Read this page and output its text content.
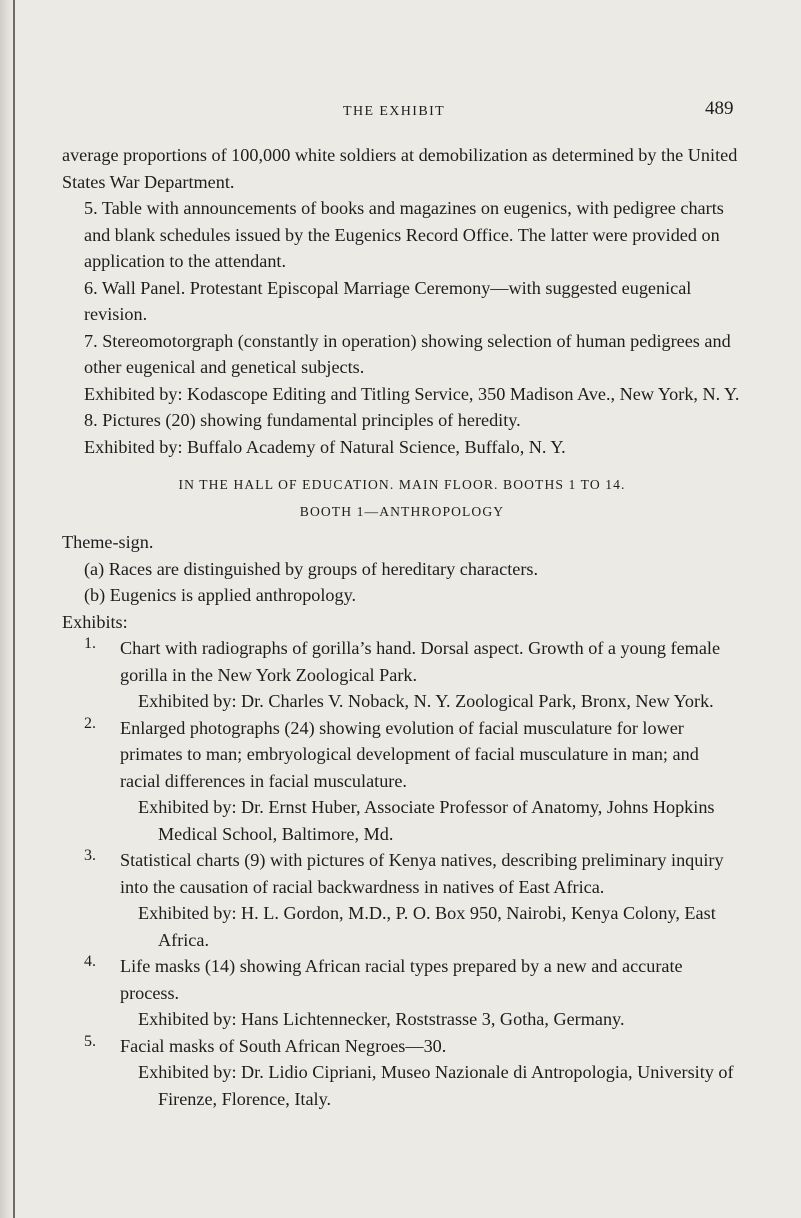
THE EXHIBIT	489

average proportions of 100,000 white soldiers at demobilization as determined by the United States War Department.

5. Table with announcements of books and magazines on eugenics, with pedigree charts and blank schedules issued by the Eugenics Record Office. The latter were provided on application to the attendant.

6. Wall Panel. Protestant Episcopal Marriage Ceremony—with suggested eugenical revision.

7. Stereomotorgraph (constantly in operation) showing selection of human pedigrees and other eugenical and genetical subjects.

Exhibited by: Kodascope Editing and Titling Service, 350 Madison Ave., New York, N. Y.

8. Pictures (20) showing fundamental principles of heredity.

Exhibited by: Buffalo Academy of Natural Science, Buffalo, N. Y.

IN THE HALL OF EDUCATION. MAIN FLOOR. BOOTHS 1 TO 14.

BOOTH 1—ANTHROPOLOGY

Theme-sign.

(a) Races are distinguished by groups of hereditary characters.

(b) Eugenics is applied anthropology.

Exhibits:

1.	Chart with radiographs of gorilla’s hand. Dorsal aspect. Growth of a young female gorilla in the New York Zoological Park.

Exhibited by: Dr. Charles V. Noback, N. Y. Zoological Park, Bronx, New York.

2.	Enlarged photographs (24) showing evolution of facial musculature for lower primates to man; embryological development of facial musculature in man; and racial differences in facial musculature.

Exhibited by: Dr. Ernst Huber, Associate Professor of Anatomy, Johns Hopkins Medical School, Baltimore, Md.

3.	Statistical charts (9) with pictures of Kenya natives, describing preliminary inquiry into the causation of racial backwardness in natives of East Africa.

Exhibited by: H. L. Gordon, M.D., P. O. Box 950, Nairobi, Kenya Colony, East Africa.

4.	Life masks (14) showing African racial types prepared by a new and accurate process.

Exhibited by: Hans Lichtennecker, Roststrasse 3, Gotha, Germany.

5.	Facial masks of South African Negroes—30.

Exhibited by: Dr. Lidio Cipriani, Museo Nazionale di Antropologia, University of Firenze, Florence, Italy.
